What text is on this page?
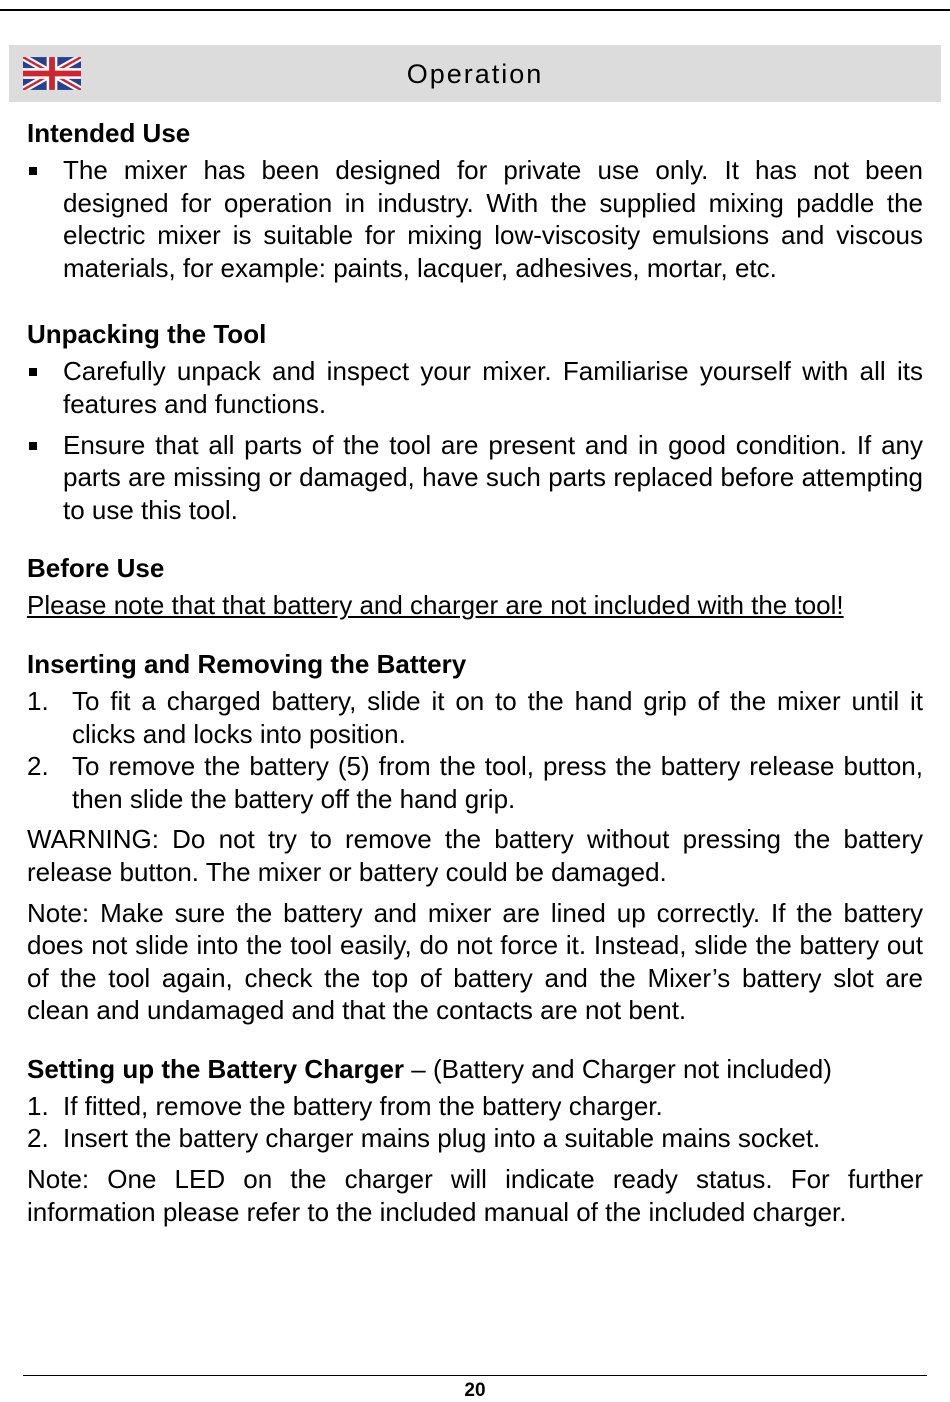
Operation
Intended Use
The mixer has been designed for private use only. It has not been designed for operation in industry. With the supplied mixing paddle the electric mixer is suitable for mixing low-viscosity emulsions and viscous materials, for example: paints, lacquer, adhesives, mortar, etc.
Unpacking the Tool
Carefully unpack and inspect your mixer. Familiarise yourself with all its features and functions.
Ensure that all parts of the tool are present and in good condition. If any parts are missing or damaged, have such parts replaced before attempting to use this tool.
Before Use

Please note that that battery and charger are not included with the tool!

Inserting and Removing the Battery
1. To fit a charged battery, slide it on to the hand grip of the mixer until it clicks and locks into position.
2. To remove the battery (5) from the tool, press the battery release button, then slide the battery off the hand grip.

WARNING: Do not try to remove the battery without pressing the battery release button. The mixer or battery could be damaged.

Note: Make sure the battery and mixer are lined up correctly. If the battery does not slide into the tool easily, do not force it. Instead, slide the battery out of the tool again, check the top of battery and the Mixer’s battery slot are clean and undamaged and that the contacts are not bent.

Setting up the Battery Charger – (Battery and Charger not included)
1. If fitted, remove the battery from the battery charger.
2. Insert the battery charger mains plug into a suitable mains socket.

Note: One LED on the charger will indicate ready status. For further information please refer to the included manual of the included charger.

20
